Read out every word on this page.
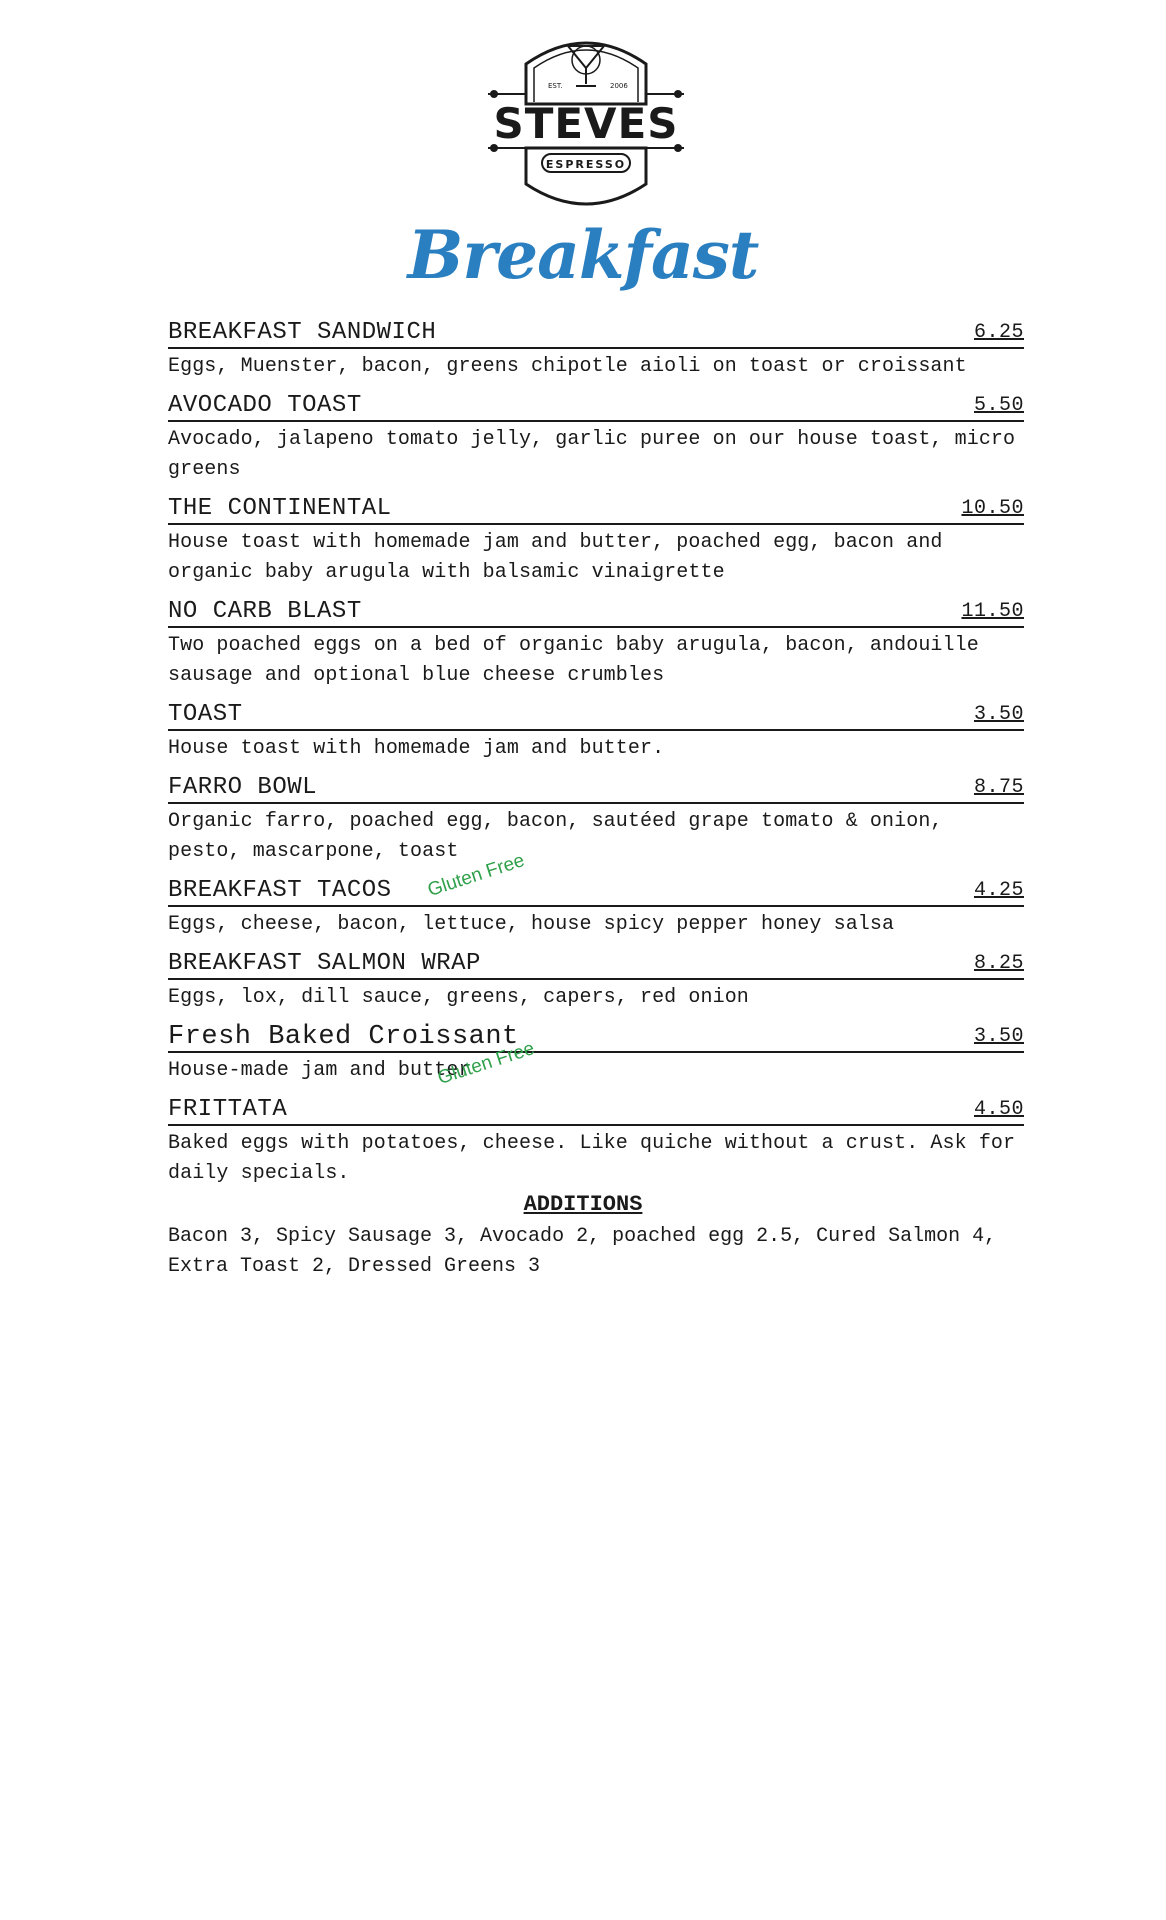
STEVES
ESPRESSO
EST.	2006
Breakfast
BREAKFAST SANDWICH	6.25
Eggs, Muenster, bacon, greens chipotle aioli on toast or croissant
AVOCADO TOAST	5.50
Avocado, jalapeno tomato jelly, garlic puree on our house toast, micro greens
THE CONTINENTAL	10.50
House toast with homemade jam and butter, poached egg, bacon and organic baby arugula with balsamic vinaigrette
NO CARB BLAST	11.50
Two poached eggs on a bed of organic baby arugula, bacon, andouille sausage and optional blue cheese crumbles
TOAST	3.50
House toast with homemade jam and butter.
FARRO BOWL	8.75
Organic farro, poached egg, bacon, sautéed grape tomato & onion, pesto, mascarpone, toast
BREAKFAST TACOS	4.25
Eggs, cheese, bacon, lettuce, house spicy pepper honey salsa
BREAKFAST SALMON WRAP	8.25
Eggs, lox, dill sauce, greens, capers, red onion
Fresh Baked Croissant	3.50
House-made jam and butter
FRITTATA	4.50
Baked eggs with potatoes, cheese. Like quiche without a crust. Ask for daily specials.
Gluten Free
Gluten Free
ADDITIONS
Bacon 3, Spicy Sausage 3, Avocado 2, poached egg 2.5, Cured Salmon 4, Extra Toast 2, Dressed Greens 3
